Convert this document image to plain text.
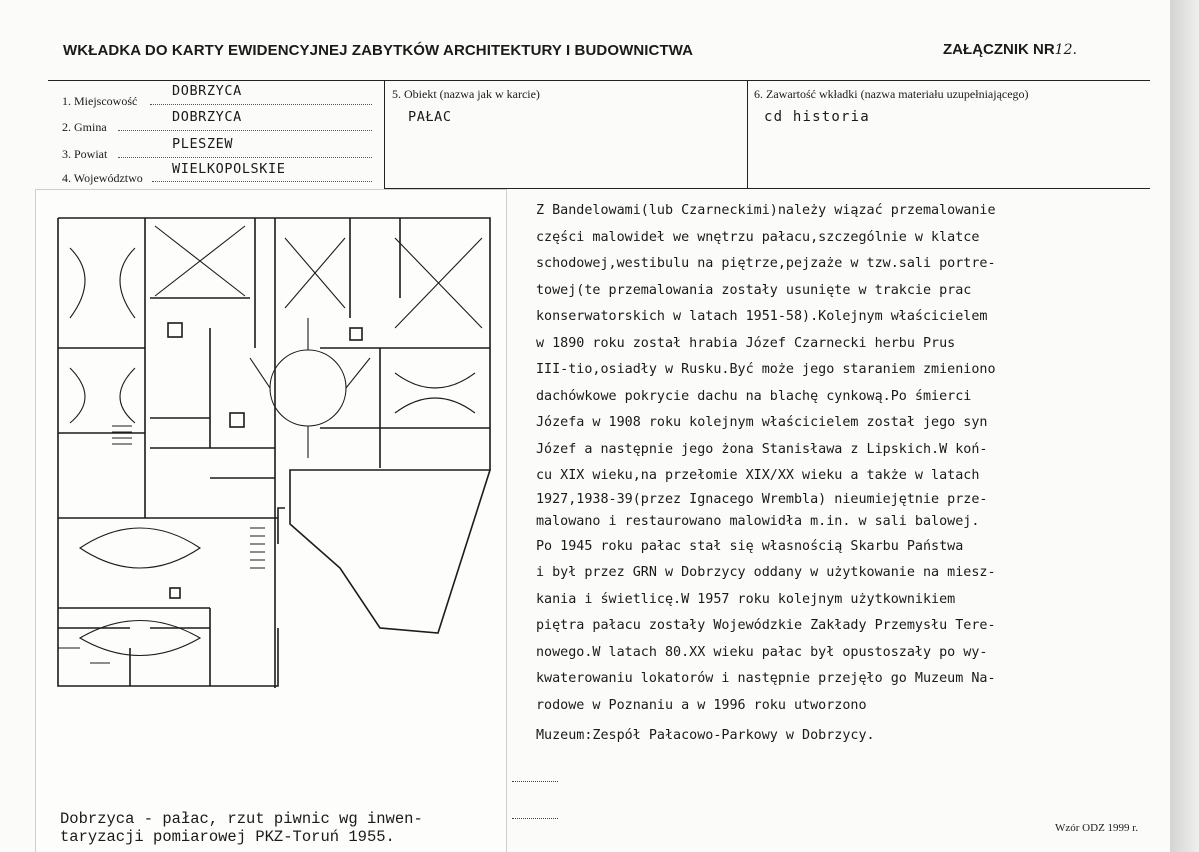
WKŁADKA DO KARTY EWIDENCYJNEJ ZABYTKÓW ARCHITEKTURY I BUDOWNICTWA	ZAŁĄCZNIK NR12.
1. Miejscowość
DOBRZYCA
2. Gmina
DOBRZYCA
3. Powiat
PLESZEW
4. Województwo
WIELKOPOLSKIE
5. Obiekt (nazwa jak w karcie)
PAŁAC
6. Zawartość wkładki (nazwa materiału uzupełniającego)
cd historia
Dobrzyca - pałac, rzut piwnic wg inwen-
taryzacji pomiarowej PKZ-Toruń 1955.
Z Bandelowami(lub Czarneckimi)należy wiązać przemalowanie
części malowideł we wnętrzu pałacu,szczególnie w klatce
schodowej,westibulu na piętrze,pejzaże w tzw.sali portre-
towej(te przemalowania zostały usunięte w trakcie prac
konserwatorskich w latach 1951-58).Kolejnym właścicielem
w 1890 roku został hrabia Józef Czarnecki herbu Prus
III-tio,osiadły w Rusku.Być może jego staraniem zmieniono
dachówkowe pokrycie dachu na blachę cynkową.Po śmierci
Józefa w 1908 roku kolejnym właścicielem został jego syn
Józef a następnie jego żona Stanisława z Lipskich.W koń-
cu XIX wieku,na przełomie XIX/XX wieku a także w latach
1927,1938-39(przez Ignacego Wrembla) nieumiejętnie prze-
malowano i restaurowano malowidła m.in. w sali balowej.
Po 1945 roku pałac stał się własnością Skarbu Państwa
i był przez GRN w Dobrzycy oddany w użytkowanie na miesz-
kania i świetlicę.W 1957 roku kolejnym użytkownikiem
piętra pałacu zostały Wojewódzkie Zakłady Przemysłu Tere-
nowego.W latach 80.XX wieku pałac był opustoszały po wy-
kwaterowaniu lokatorów i następnie przejęło go Muzeum Na-
rodowe w Poznaniu a w 1996 roku utworzono
Muzeum:Zespół Pałacowo-Parkowy w Dobrzycy.
Wzór ODZ 1999 r.
